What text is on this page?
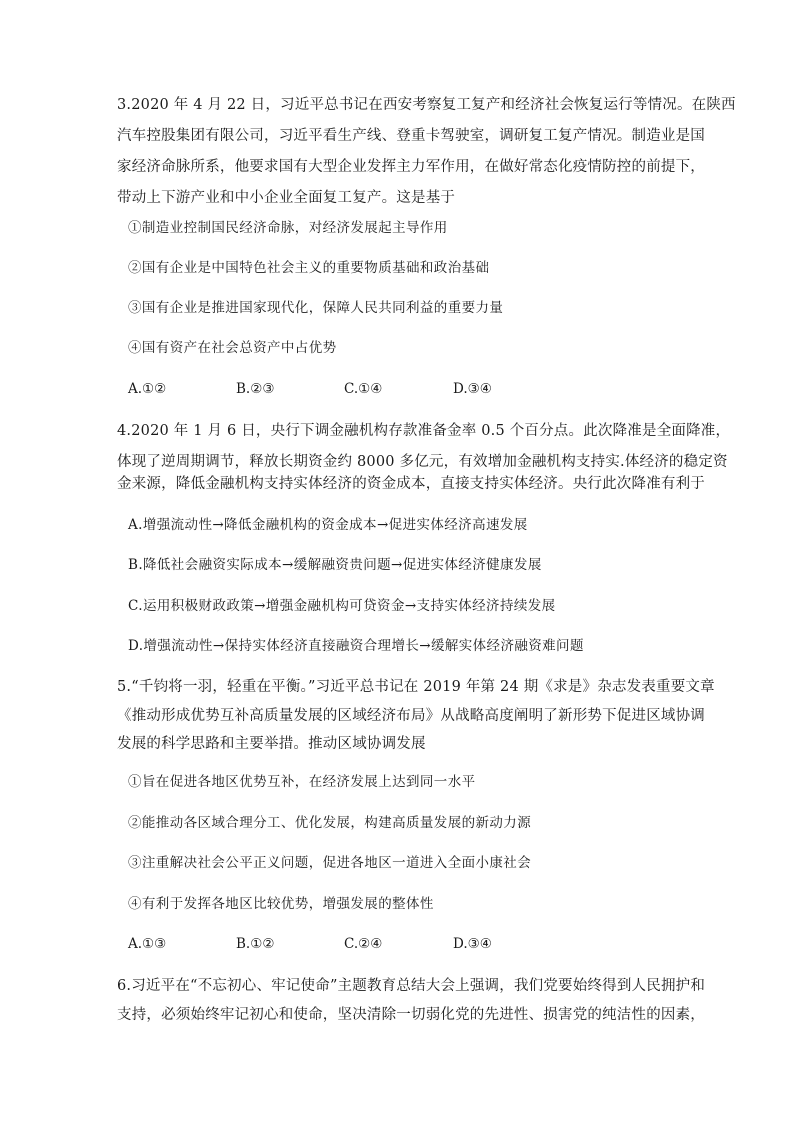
3.2020 年 4 月 22 日，习近平总书记在西安考察复工复产和经济社会恢复运行等情况。在陕西
汽车控股集团有限公司，习近平看生产线、登重卡驾驶室，调研复工复产情况。制造业是国
家经济命脉所系，他要求国有大型企业发挥主力军作用，在做好常态化疫情防控的前提下，
带动上下游产业和中小企业全面复工复产。这是基于
①制造业控制国民经济命脉，对经济发展起主导作用
②国有企业是中国特色社会主义的重要物质基础和政治基础
③国有企业是推进国家现代化，保障人民共同利益的重要力量
④国有资产在社会总资产中占优势
A.①②	B.②③	C.①④	D.③④
4.2020 年 1 月 6 日，央行下调金融机构存款准备金率 0.5 个百分点。此次降准是全面降准，
体现了逆周期调节，释放长期资金约 8000 多亿元，有效增加金融机构支持实.体经济的稳定资
金来源，降低金融机构支持实体经济的资金成本，直接支持实体经济。央行此次降准有利于
A.增强流动性→降低金融机构的资金成本→促进实体经济高速发展
B.降低社会融资实际成本→缓解融资贵问题→促进实体经济健康发展
C.运用积极财政政策→增强金融机构可贷资金→支持实体经济持续发展
D.增强流动性→保持实体经济直接融资合理增长→缓解实体经济融资难问题
5.“千钧将一羽，轻重在平衡。”习近平总书记在 2019 年第 24 期《求是》杂志发表重要文章
《推动形成优势互补高质量发展的区域经济布局》从战略高度阐明了新形势下促进区域协调
发展的科学思路和主要举措。推动区域协调发展
①旨在促进各地区优势互补，在经济发展上达到同一水平
②能推动各区域合理分工、优化发展，构建高质量发展的新动力源
③注重解决社会公平正义问题，促进各地区一道进入全面小康社会
④有利于发挥各地区比较优势，增强发展的整体性
A.①③	B.①②	C.②④	D.③④
6.习近平在“不忘初心、牢记使命”主题教育总结大会上强调，我们党要始终得到人民拥护和
支持，必须始终牢记初心和使命，坚决清除一切弱化党的先进性、损害党的纯洁性的因素，
